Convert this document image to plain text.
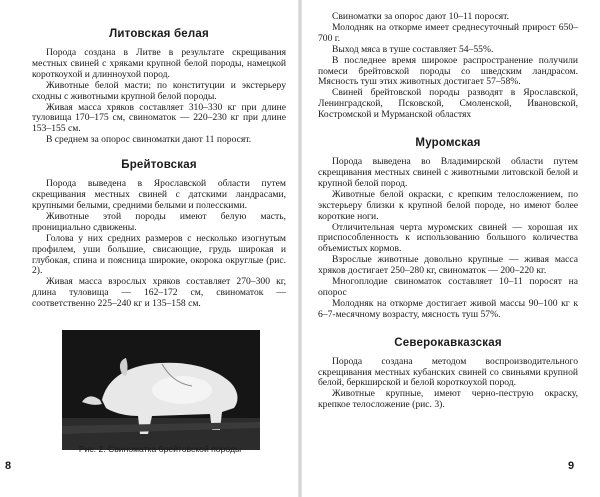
Литовская белая

Порода создана в Литве в результате скрещивания местных свиней с хряками крупной белой породы, намецкой короткоухой и длинноухой пород.

Животные белой масти; по конституции и экстерьеру сходны с животными крупной белой породы.

Живая масса хряков составляет 310–330 кг при длине туловища 170–175 см, свиноматок — 220–230 кг при длине 153–155 см.

В среднем за опорос свиноматки дают 11 поросят.

Брейтовская

Порода выведена в Ярославской области путем скрещивания местных свиней с датскими ландрасами, крупными белыми, средними белыми и полесскими.

Животные этой породы имеют белую масть, пронициально сдвижены.

Голова у них средних размеров с несколько изогнутым профилем, уши большие, свисающие, грудь широкая и глубокая, спина и поясница широкие, окорока округлые (рис. 2).

Живая масса взрослых хряков составляет 270–300 кг, длина туловища — 162–172 см, свиноматок — соответственно 225–240 кг и 135–158 см.

Рис. 2. Свиноматка брейтовской породы
8

Свиноматки за опорос дают 10–11 поросят.

Молодняк на откорме имеет среднесуточный прирост 650–700 г.

Выход мяса в туше составляет 54–55%.

В последнее время широкое распространение получили помеси брейтовской породы со шведским ландрасом. Мясность туш этих животных достигает 57–58%.

Свиней брейтовской породы разводят в Ярославской, Ленинградской, Псковской, Смоленской, Ивановской, Костромской и Мурманской областях

Муромская

Порода выведена во Владимирской области путем скрещивания местных свиней с животными литовской белой и крупной белой пород.

Животные белой окраски, с крепким телосложением, по экстерьеру близки к крупной белой породе, но имеют более короткие ноги.

Отличительная черта муромских свиней — хорошая их приспособленность к использованию большого количества объемистых кормов.

Взрослые животные довольно крупные — живая масса хряков достигает 250–280 кг, свиноматок — 200–220 кг.

Многоплодие свиноматок составляет 10–11 поросят на опорос

Молодняк на откорме достигает живой массы 90–100 кг к 6–7-месячному возрасту, мясность туш 57%.

Северокавказская

Порода создана методом воспроизводительного скрещивания местных кубанских свиней со свиньями крупной белой, беркширской и белой короткоухой пород.

Животные крупные, имеют черно-пеструю окраску, крепкое телосложение (рис. 3).

9
